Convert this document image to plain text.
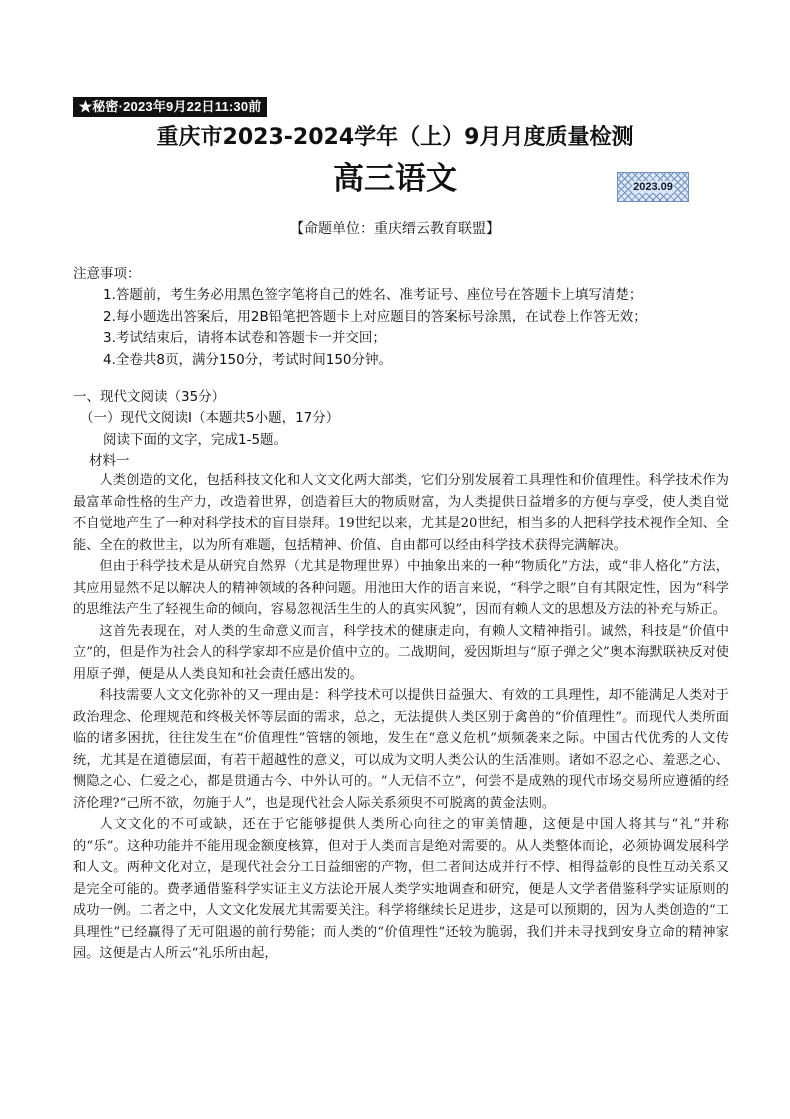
★秘密·2023年9月22日11:30前
重庆市2023-2024学年（上）9月月度质量检测
高三语文	2023.09
【命题单位：重庆缙云教育联盟】
注意事项：
1.答题前，考生务必用黑色签字笔将自己的姓名、准考证号、座位号在答题卡上填写清楚；
2.每小题选出答案后，用2B铅笔把答题卡上对应题目的答案标号涂黑，在试卷上作答无效；
3.考试结束后，请将本试卷和答题卡一并交回；
4.全卷共8页，满分150分，考试时间150分钟。
一、现代文阅读（35分）
（一）现代文阅读Ⅰ（本题共5小题，17分）
阅读下面的文字，完成1-5题。
材料一

人类创造的文化，包括科技文化和人文文化两大部类，它们分别发展着工具理性和价值理性。科学技术作为最富革命性格的生产力，改造着世界，创造着巨大的物质财富，为人类提供日益增多的方便与享受，使人类自觉不自觉地产生了一种对科学技术的盲目崇拜。19世纪以来，尤其是20世纪，相当多的人把科学技术视作全知、全能、全在的救世主，以为所有难题，包括精神、价值、自由都可以经由科学技术获得完满解决。

但由于科学技术是从研究自然界（尤其是物理世界）中抽象出来的一种“物质化”方法，或“非人格化”方法，其应用显然不足以解决人的精神领域的各种问题。用池田大作的语言来说，“科学之眼”自有其限定性，因为“科学的思维法产生了轻视生命的倾向，容易忽视活生生的人的真实风貌”，因而有赖人文的思想及方法的补充与矫正。

这首先表现在，对人类的生命意义而言，科学技术的健康走向，有赖人文精神指引。诚然，科技是“价值中立”的，但是作为社会人的科学家却不应是价值中立的。二战期间，爱因斯坦与“原子弹之父”奥本海默联袂反对使用原子弹，便是从人类良知和社会责任感出发的。

科技需要人文文化弥补的又一理由是：科学技术可以提供日益强大、有效的工具理性，却不能满足人类对于政治理念、伦理规范和终极关怀等层面的需求，总之，无法提供人类区别于禽兽的“价值理性”。而现代人类所面临的诸多困扰，往往发生在“价值理性”管辖的领地，发生在“意义危机”烦频袭来之际。中国古代优秀的人文传统，尤其是在道德层面，有若干超越性的意义，可以成为文明人类公认的生活准则。诸如不忍之心、羞恶之心、恻隐之心、仁爱之心，都是贯通古今、中外认可的。“人无信不立”，何尝不是成熟的现代市场交易所应遵循的经济伦理?“己所不欲，勿施于人”，也是现代社会人际关系须臾不可脱离的黄金法则。

人文文化的不可或缺，还在于它能够提供人类所心向往之的审美情趣，这便是中国人将其与“礼”并称的“乐”。这种功能并不能用现金额度核算，但对于人类而言是绝对需要的。从人类整体而论，必须协调发展科学和人文。两种文化对立，是现代社会分工日益细密的产物，但二者间达成并行不悖、相得益彰的良性互动关系又是完全可能的。费孝通借鉴科学实证主义方法论开展人类学实地调查和研究，便是人文学者借鉴科学实证原则的成功一例。二者之中，人文文化发展尤其需要关注。科学将继续长足进步，这是可以预期的，因为人类创造的“工具理性”已经赢得了无可阻遏的前行势能；而人类的“价值理性”还较为脆弱，我们并未寻找到安身立命的精神家园。这便是古人所云“礼乐所由起，
